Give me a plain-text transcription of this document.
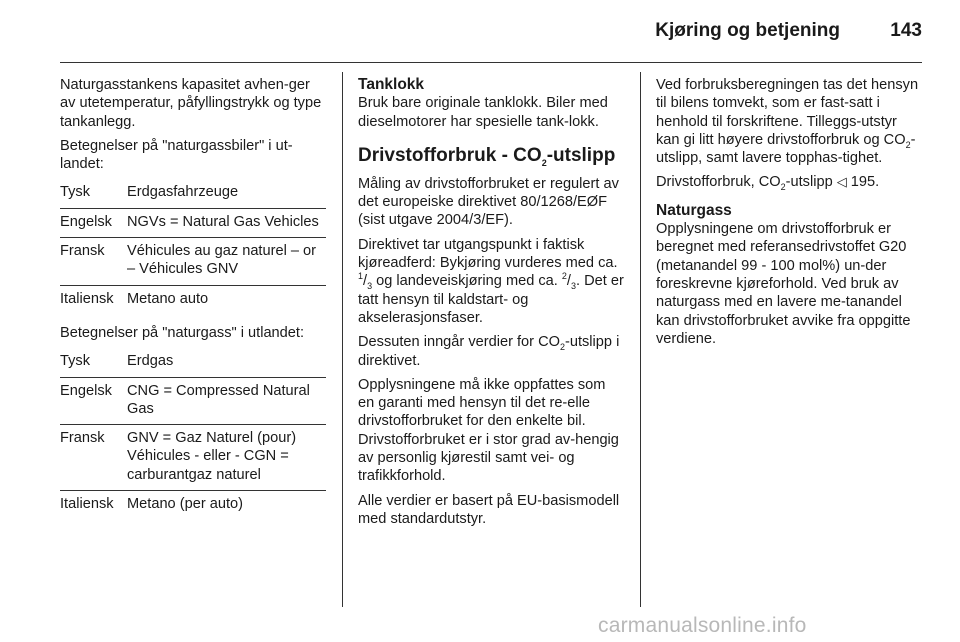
Kjøring og betjening	143

Naturgasstankens kapasitet avhen-ger av utetemperatur, påfyllingstrykk og type tankanlegg.

Betegnelser på "naturgassbiler" i ut-landet:

Tysk	Erdgasfahrzeuge
Engelsk	NGVs = Natural Gas Vehicles
Fransk	Véhicules au gaz naturel – or – Véhicules GNV
Italiensk Metano auto

Betegnelser på "naturgass" i utlandet:

Tysk	Erdgas
Engelsk	CNG = Compressed Natural Gas
Fransk	GNV = Gaz Naturel (pour) Véhicules - eller - CGN = carburantgaz naturel
Italiensk Metano (per auto)
Tanklokk

Bruk bare originale tanklokk. Biler med dieselmotorer har spesielle tank-lokk.

Drivstofforbruk - $CO_2$-utslipp

Måling av drivstofforbruket er regulert av det europeiske direktivet 80/1268/EØF (sist utgave 2004/3/EF).

Direktivet tar utgangspunkt i faktisk kjøreadferd: Bykjøring vurderes med ca. $^1/_3$ og landeveiskjøring med ca. $^2/_3$. Det er tatt hensyn til kaldstart- og akselerasjonsfaser.

Dessuten inngår verdier for $CO_2$-utslipp i direktivet.

Opplysningene må ikke oppfattes som en garanti med hensyn til det re-elle drivstofforbruket for den enkelte bil. Drivstofforbruket er i stor grad av-hengig av personlig kjørestil samt vei- og trafikkforhold.

Alle verdier er basert på EU-basismodell med standardutstyr.

Ved forbruksberegningen tas det hensyn til bilens tomvekt, som er fast-satt i henhold til forskriftene. Tilleggs-utstyr kan gi litt høyere drivstofforbruk og $CO_2$-utslipp, samt lavere topphas-tighet.

Drivstofforbruk, $CO_2$-utslipp ◁ 195.

Naturgass

Opplysningene om drivstofforbruk er beregnet med referansedrivstoffet G20 (metanandel 99 - 100 mol%) un-der foreskrevne kjøreforhold. Ved bruk av naturgass med en lavere me-tanandel kan drivstofforbruket avvike fra oppgitte verdiene.

carmanualsonline.info
